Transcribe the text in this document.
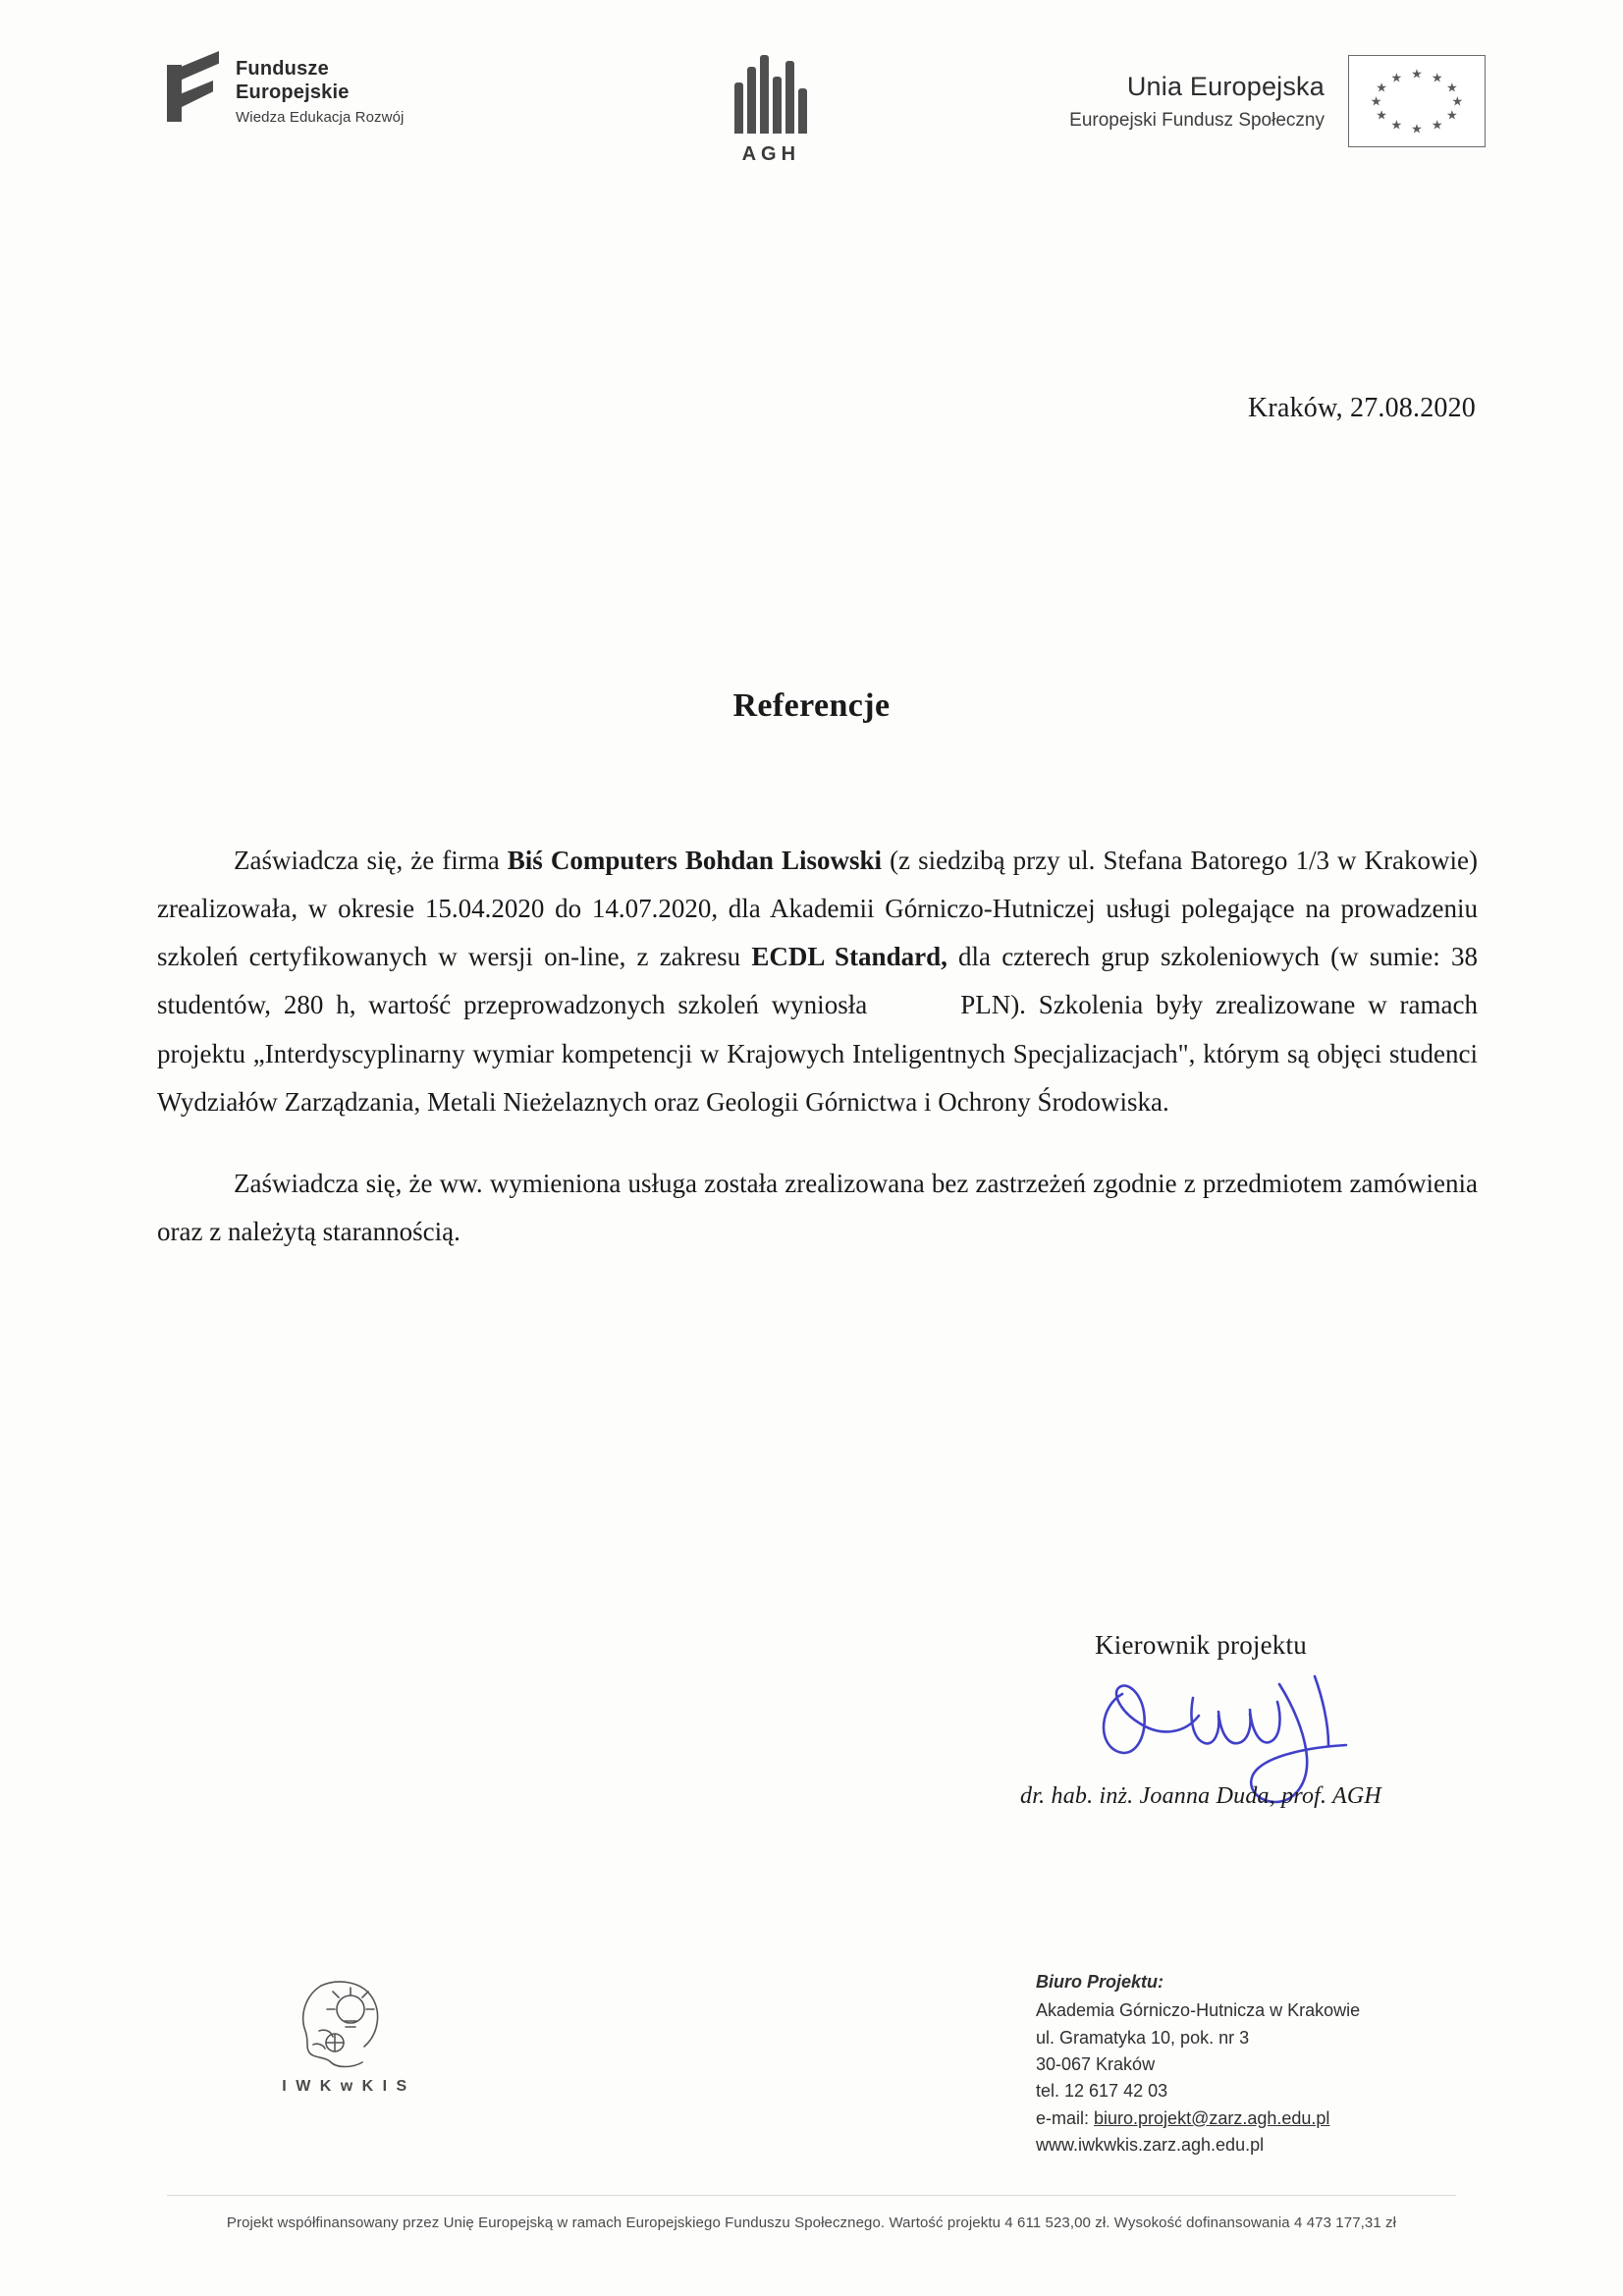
Fundusze
Europejskie
Wiedza Edukacja Rozwój
AGH
Unia Europejska
Europejski Fundusz Społeczny
★ ★
★
★
★
★
★
★
★
★
★
★
Kraków, 27.08.2020
Referencje

Zaświadcza się, że firma Biś Computers Bohdan Lisowski (z siedzibą przy ul. Stefana Batorego 1/3 w Krakowie) zrealizowała, w okresie 15.04.2020 do 14.07.2020, dla Akademii Górniczo-Hutniczej usługi polegające na prowadzeniu szkoleń certyfikowanych w wersji on-line, z zakresu ECDL Standard, dla czterech grup szkoleniowych (w sumie: 38 studentów, 280 h, wartość przeprowadzonych szkoleń wyniosła	PLN). Szkolenia były zrealizowane w ramach projektu „Interdyscyplinarny wymiar kompetencji w Krajowych Inteligentnych Specjalizacjach", którym są objęci studenci Wydziałów Zarządzania, Metali Nieżelaznych oraz Geologii Górnictwa i Ochrony Środowiska.

Zaświadcza się, że ww. wymieniona usługa została zrealizowana bez zastrzeżeń zgodnie z przedmiotem zamówienia oraz z należytą starannością.

Kierownik projektu
dr. hab. inż. Joanna Duda, prof. AGH
I W K w K I S
Biuro Projektu:
Akademia Górniczo-Hutnicza w Krakowie
ul. Gramatyka 10, pok. nr 3
30-067 Kraków
tel. 12 617 42 03
e-mail: biuro.projekt@zarz.agh.edu.pl
www.iwkwkis.zarz.agh.edu.pl
Projekt współfinansowany przez Unię Europejską w ramach Europejskiego Funduszu Społecznego. Wartość projektu 4 611 523,00 zł. Wysokość dofinansowania 4 473 177,31 zł
